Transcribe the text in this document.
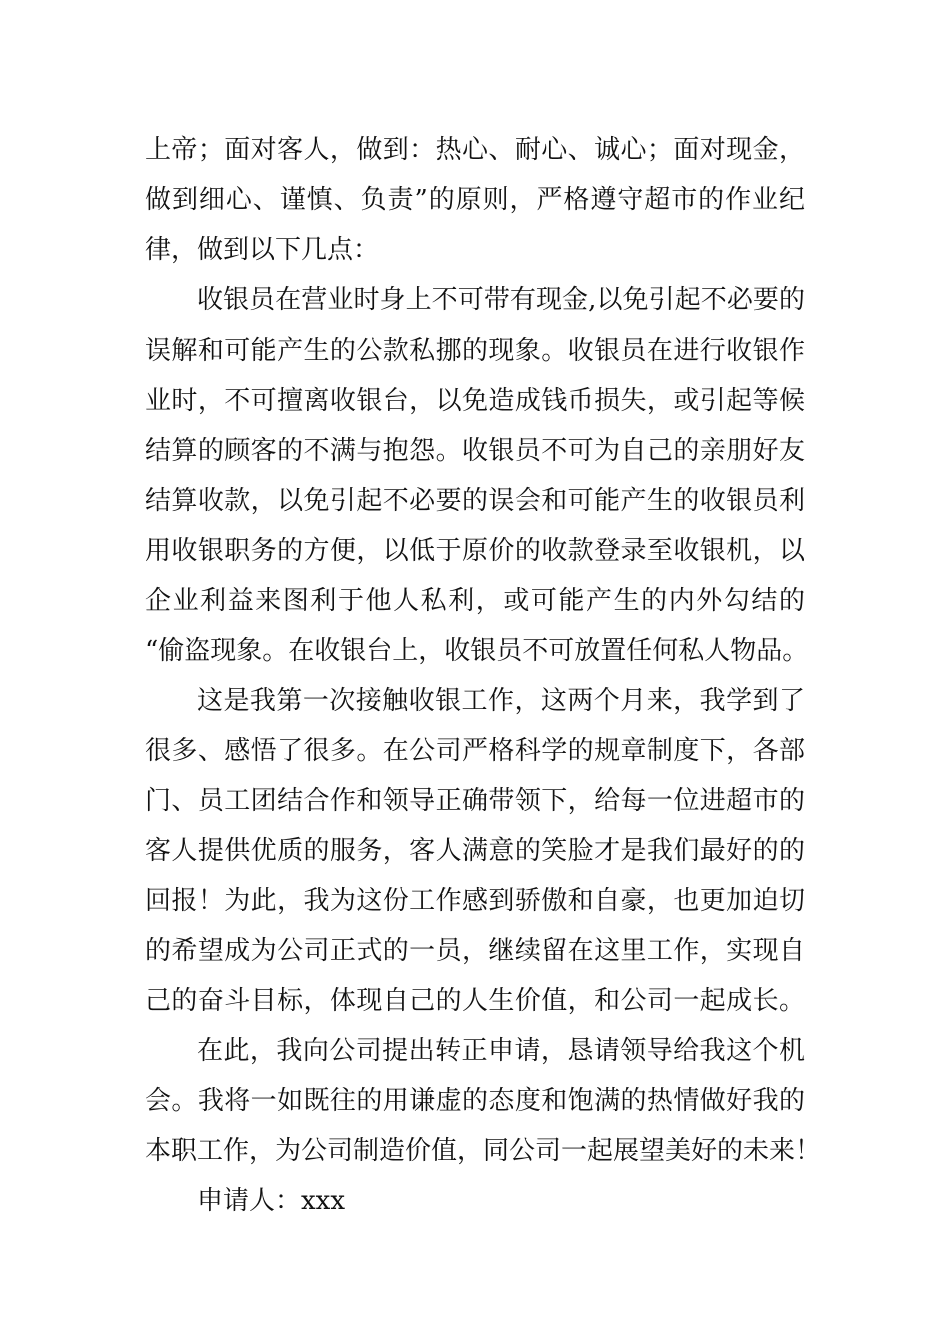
上帝；面对客人，做到：热心、耐心、诚心；面对现金，
做到细心、谨慎、负责”的原则，严格遵守超市的作业纪
律，做到以下几点：
收银员在营业时身上不可带有现金,以免引起不必要的
误解和可能产生的公款私挪的现象。收银员在进行收银作
业时，不可擅离收银台，以免造成钱币损失，或引起等候
结算的顾客的不满与抱怨。收银员不可为自己的亲朋好友
结算收款，以免引起不必要的误会和可能产生的收银员利
用收银职务的方便，以低于原价的收款登录至收银机，以
企业利益来图利于他人私利，或可能产生的内外勾结的
“偷盗现象。在收银台上，收银员不可放置任何私人物品。
这是我第一次接触收银工作，这两个月来，我学到了
很多、感悟了很多。在公司严格科学的规章制度下，各部
门、员工团结合作和领导正确带领下，给每一位进超市的
客人提供优质的服务，客人满意的笑脸才是我们最好的的
回报！为此，我为这份工作感到骄傲和自豪，也更加迫切
的希望成为公司正式的一员，继续留在这里工作，实现自
己的奋斗目标，体现自己的人生价值，和公司一起成长。
在此，我向公司提出转正申请，恳请领导给我这个机
会。我将一如既往的用谦虚的态度和饱满的热情做好我的
本职工作，为公司制造价值，同公司一起展望美好的未来！
申请人：xxx
